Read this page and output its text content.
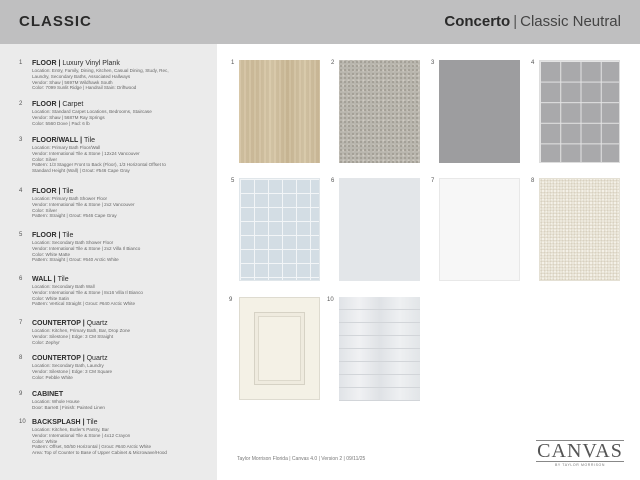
CLASSIC	Concerto | Classic Neutral
1 FLOOR | Luxury Vinyl Plank
Location: Entry, Family, Dining, Kitchen, Casual Dining, Study, Rec,
Laundry, Secondary Baths, Associated Hallways
Vendor: Shaw | 5697M Wildhawk South
Color: 7099 Sunlit Ridge | Handrail Stain: Driftwood
2 FLOOR | Carpet
Location: Standard Carpet Locations, Bedrooms, Staircase
Vendor: Shaw | 5687M Ray Springs
Color: 5560 Dove | Pad: 6 lb
3 FLOOR/WALL | Tile
Location: Primary Bath Floor/Wall
Vendor: International Tile & Stone | 12x24 Vancouver
Color: Silver
Pattern: 1/3 Stagger Front to Back (Floor), 1/3 Horizontal Offset to
Standard Height (Wall) | Grout: #546 Cape Gray
4 FLOOR | Tile
Location: Primary Bath Shower Floor
Vendor: International Tile & Stone | 2x2 Vancouver
Color: Silver
Pattern: Straight | Grout: #546 Cape Gray
5 FLOOR | Tile
Location: Secondary Bath Shower Floor
Vendor: International Tile & Stone | 2x2 Villa Il Bianco
Color: White Matte
Pattern: Straight | Grout: #640 Arctic White
6 WALL | Tile
Location: Secondary Bath Wall
Vendor: International Tile & Stone | 8x16 Villa Il Bianco
Color: White Satin
Pattern: Vertical Straight | Grout: #640 Arctic White
7 COUNTERTOP | Quartz
Location: Kitchen, Primary Bath, Bar, Drop Zone
Vendor: Silestone | Edge: 3 CM Straight
Color: Zephyr
8 COUNTERTOP | Quartz
Location: Secondary Bath, Laundry
Vendor: Silestone | Edge: 3 CM Square
Color: Pebble White
9 CABINET
Location: Whole House
Door: Barrett | Finish: Painted Linen
10 BACKSPLASH | Tile
Location: Kitchen, Butler's Pantry, Bar
Vendor: International Tile & Stone | 4x12 Crayon
Color: White
Pattern: Offset, 50/50 Horizontal | Grout: #640 Arctic White
Area: Top of Counter to Base of Upper Cabinet & Microwave/Hood
1	2	3	4
5	6	7	8
9	10
Taylor Morrison Florida | Canvas 4.0 | Version 2 | 09/11/25	CANVAS
BY TAYLOR MORRISON
